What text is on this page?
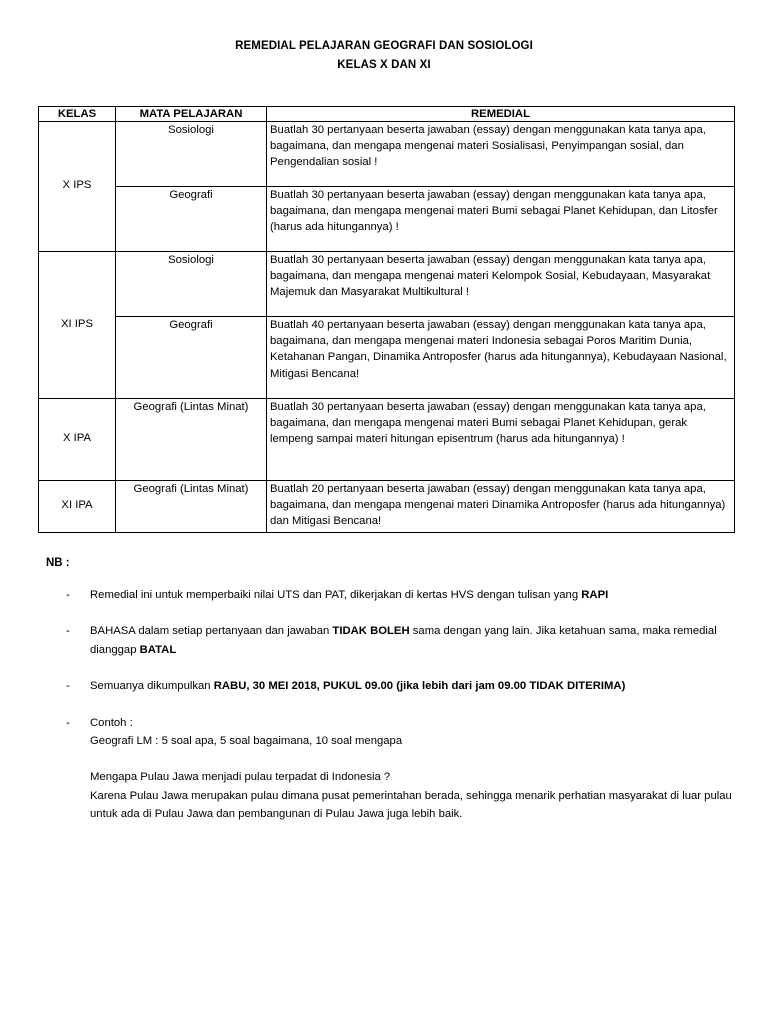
REMEDIAL PELAJARAN GEOGRAFI DAN SOSIOLOGI
KELAS X DAN XI
KELAS	MATA PELAJARAN	REMEDIAL
X IPS	Sosiologi	Buatlah 30 pertanyaan beserta jawaban (essay) dengan menggunakan kata tanya apa, bagaimana, dan mengapa mengenai materi Sosialisasi, Penyimpangan sosial, dan Pengendalian sosial !
	Geografi	Buatlah 30 pertanyaan beserta jawaban (essay) dengan menggunakan kata tanya apa, bagaimana, dan mengapa mengenai materi Bumi sebagai Planet Kehidupan, dan Litosfer (harus ada hitungannya) !
XI IPS	Sosiologi	Buatlah 30 pertanyaan beserta jawaban (essay) dengan menggunakan kata tanya apa, bagaimana, dan mengapa mengenai materi Kelompok Sosial, Kebudayaan, Masyarakat Majemuk dan Masyarakat Multikultural !
	Geografi	Buatlah 40 pertanyaan beserta jawaban (essay) dengan menggunakan kata tanya apa, bagaimana, dan mengapa mengenai materi Indonesia sebagai Poros Maritim Dunia, Ketahanan Pangan, Dinamika Antroposfer (harus ada hitungannya), Kebudayaan Nasional, Mitigasi Bencana!
X IPA	Geografi (Lintas Minat)	Buatlah 30 pertanyaan beserta jawaban (essay) dengan menggunakan kata tanya apa, bagaimana, dan mengapa mengenai materi Bumi sebagai Planet Kehidupan, gerak lempeng sampai materi hitungan episentrum (harus ada hitungannya) !
XI IPA	Geografi (Lintas Minat)	Buatlah 20 pertanyaan beserta jawaban (essay) dengan menggunakan kata tanya apa, bagaimana, dan mengapa mengenai materi Dinamika Antroposfer (harus ada hitungannya) dan Mitigasi Bencana!
NB :
- Remedial ini untuk memperbaiki nilai UTS dan PAT, dikerjakan di kertas HVS dengan tulisan yang RAPI
- BAHASA dalam setiap pertanyaan dan jawaban TIDAK BOLEH sama dengan yang lain. Jika ketahuan sama, maka remedial dianggap BATAL
- Semuanya dikumpulkan RABU, 30 MEI 2018, PUKUL 09.00 (jika lebih dari jam 09.00 TIDAK DITERIMA)
- Contoh :
Geografi LM : 5 soal apa, 5 soal bagaimana, 10 soal mengapa
Mengapa Pulau Jawa menjadi pulau terpadat di Indonesia ?
Karena Pulau Jawa merupakan pulau dimana pusat pemerintahan berada, sehingga menarik perhatian masyarakat di luar pulau untuk ada di Pulau Jawa dan pembangunan di Pulau Jawa juga lebih baik.
